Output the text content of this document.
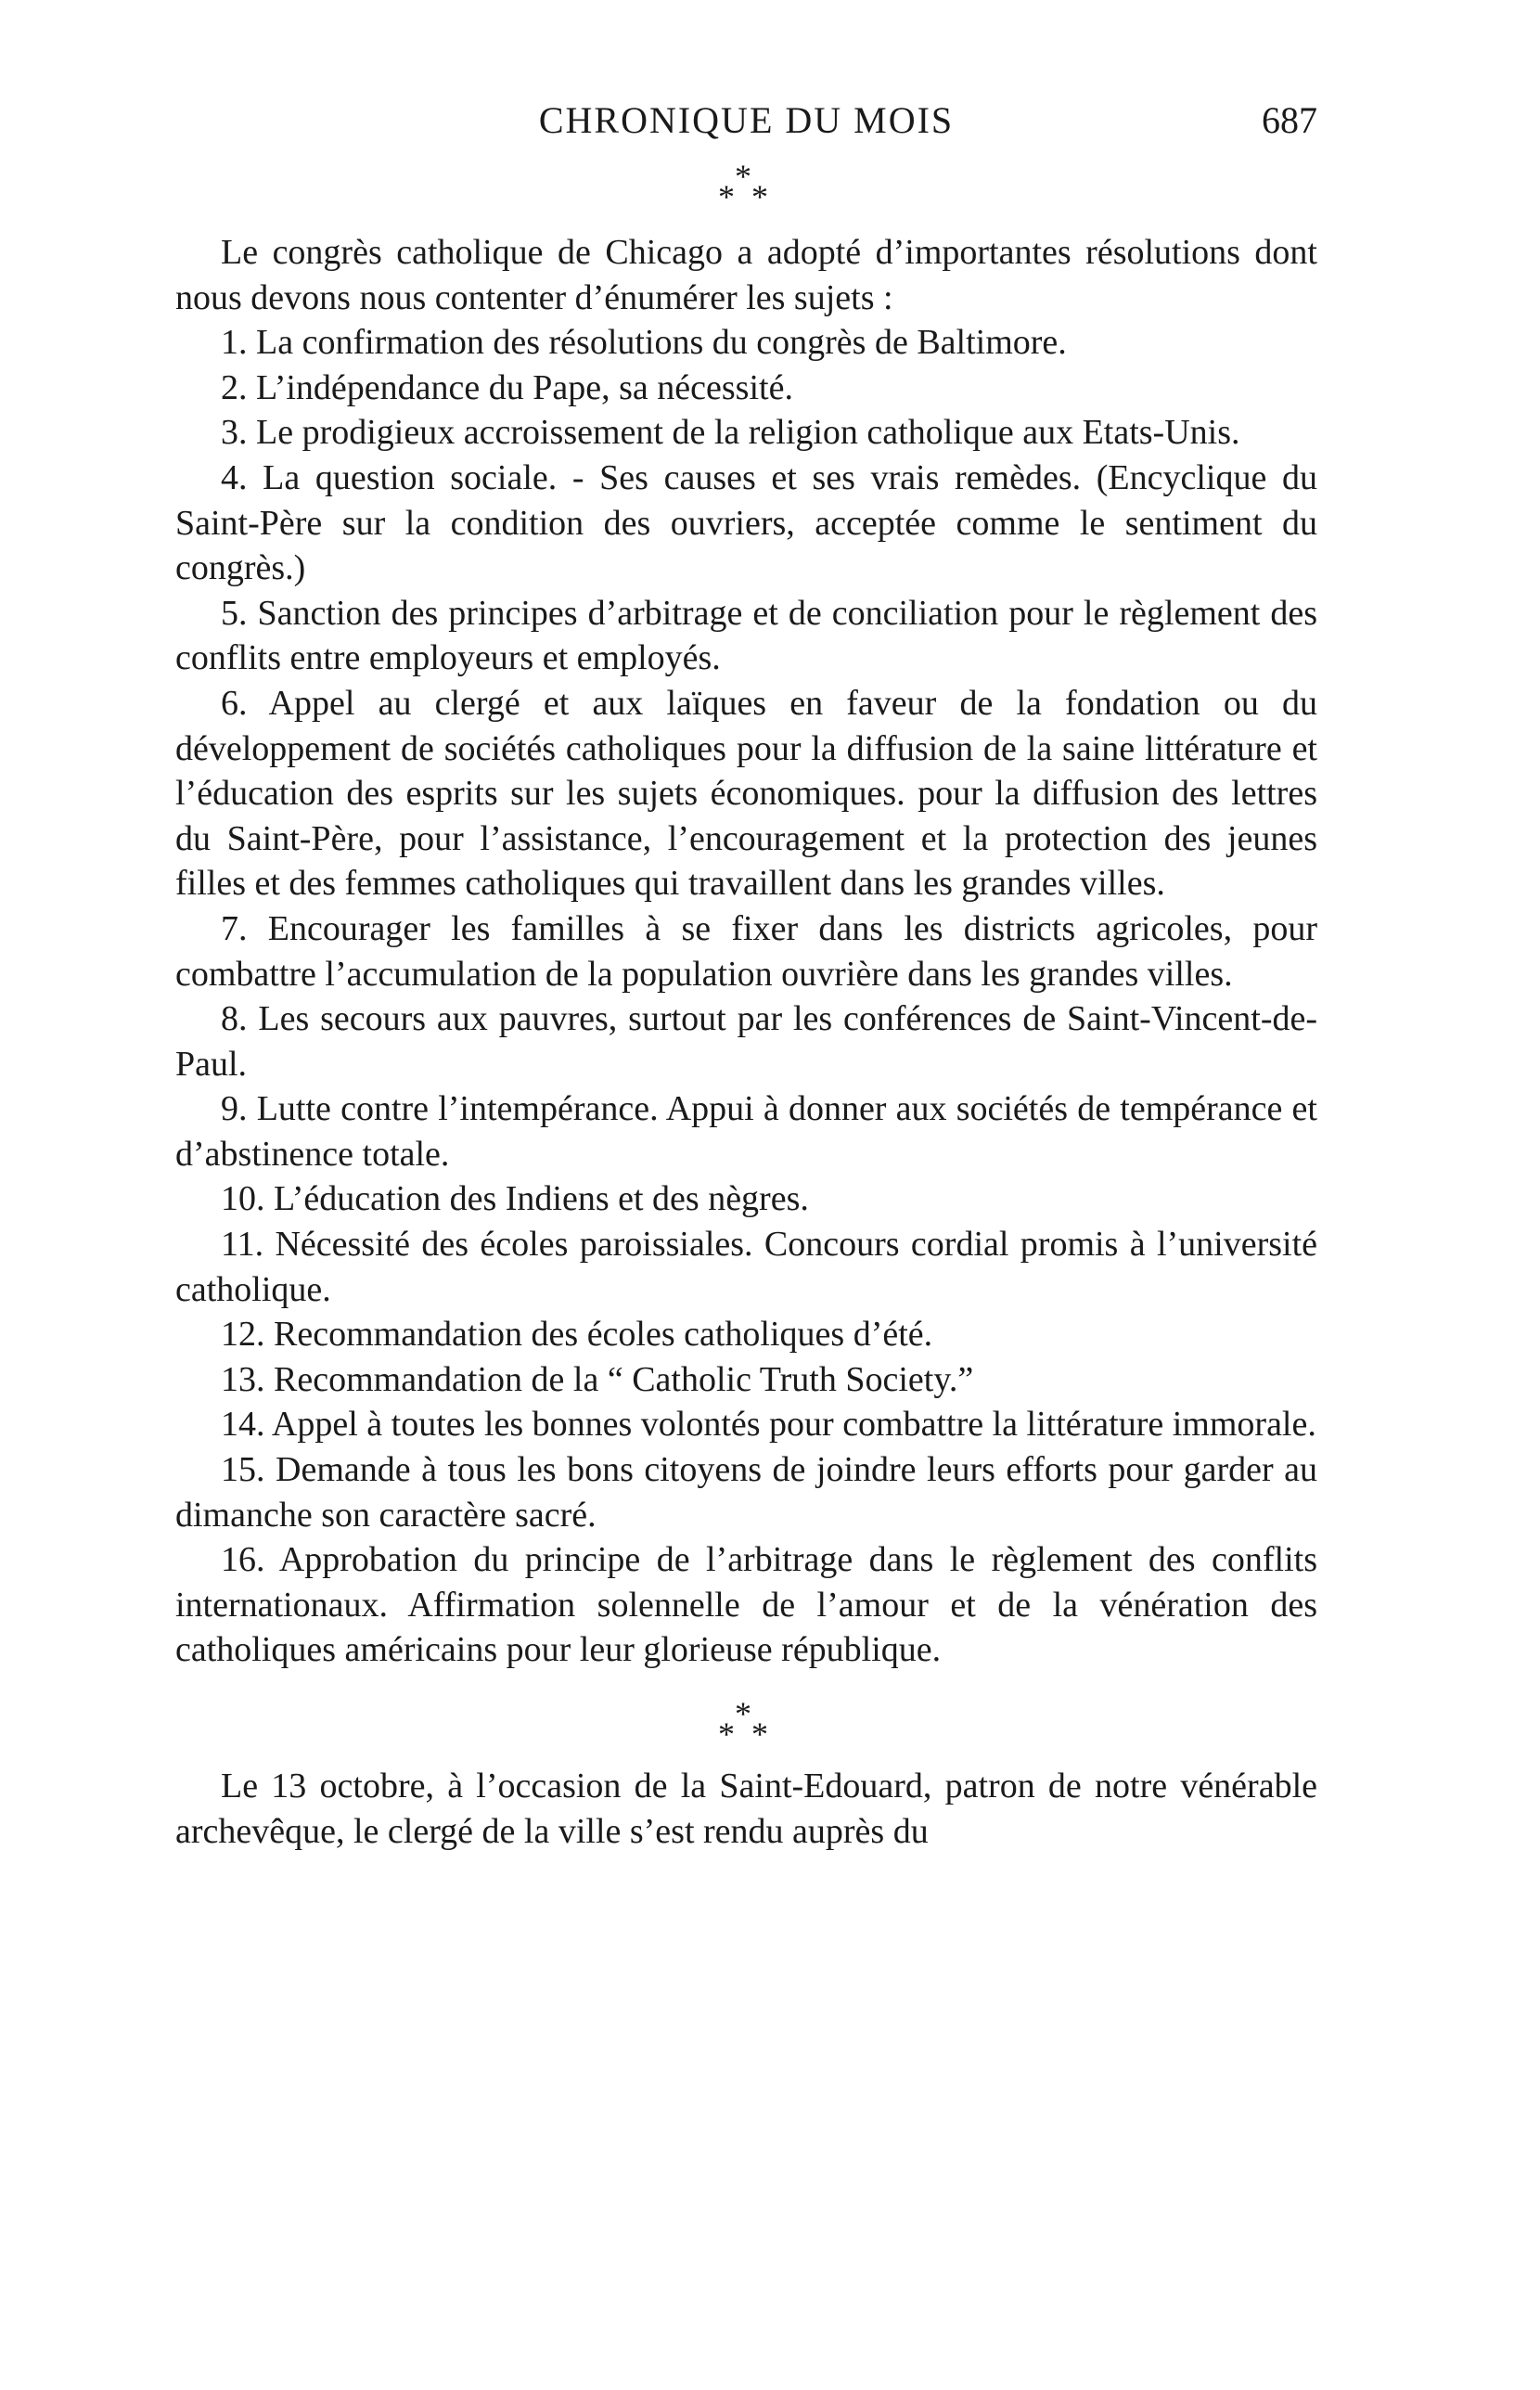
CHRONIQUE DU MOIS	687
*
* *

Le congrès catholique de Chicago a adopté d’importantes résolutions dont nous devons nous contenter d’énumérer les sujets :

1. La confirmation des résolutions du congrès de Baltimore.

2. L’indépendance du Pape, sa nécessité.

3. Le prodigieux accroissement de la religion catholique aux Etats-Unis.

4. La question sociale. - Ses causes et ses vrais remèdes. (Encyclique du Saint-Père sur la condition des ouvriers, acceptée comme le sentiment du congrès.)

5. Sanction des principes d’arbitrage et de conciliation pour le règlement des conflits entre employeurs et employés.

6. Appel au clergé et aux laïques en faveur de la fondation ou du développement de sociétés catholiques pour la diffusion de la saine littérature et l’éducation des esprits sur les sujets économiques. pour la diffusion des lettres du Saint-Père, pour l’assistance, l’encouragement et la protection des jeunes filles et des femmes catholiques qui travaillent dans les grandes villes.

7. Encourager les familles à se fixer dans les districts agricoles, pour combattre l’accumulation de la population ouvrière dans les grandes villes.

8. Les secours aux pauvres, surtout par les conférences de Saint-Vincent-de-Paul.

9. Lutte contre l’intempérance. Appui à donner aux sociétés de tempérance et d’abstinence totale.

10. L’éducation des Indiens et des nègres.

11. Nécessité des écoles paroissiales. Concours cordial promis à l’université catholique.

12. Recommandation des écoles catholiques d’été.

13. Recommandation de la “ Catholic Truth Society.”

14. Appel à toutes les bonnes volontés pour combattre la littérature immorale.

15. Demande à tous les bons citoyens de joindre leurs efforts pour garder au dimanche son caractère sacré.

16. Approbation du principe de l’arbitrage dans le règlement des conflits internationaux. Affirmation solennelle de l’amour et de la vénération des catholiques américains pour leur glorieuse république.

*
* *

Le 13 octobre, à l’occasion de la Saint-Edouard, patron de notre vénérable archevêque, le clergé de la ville s’est rendu auprès du
